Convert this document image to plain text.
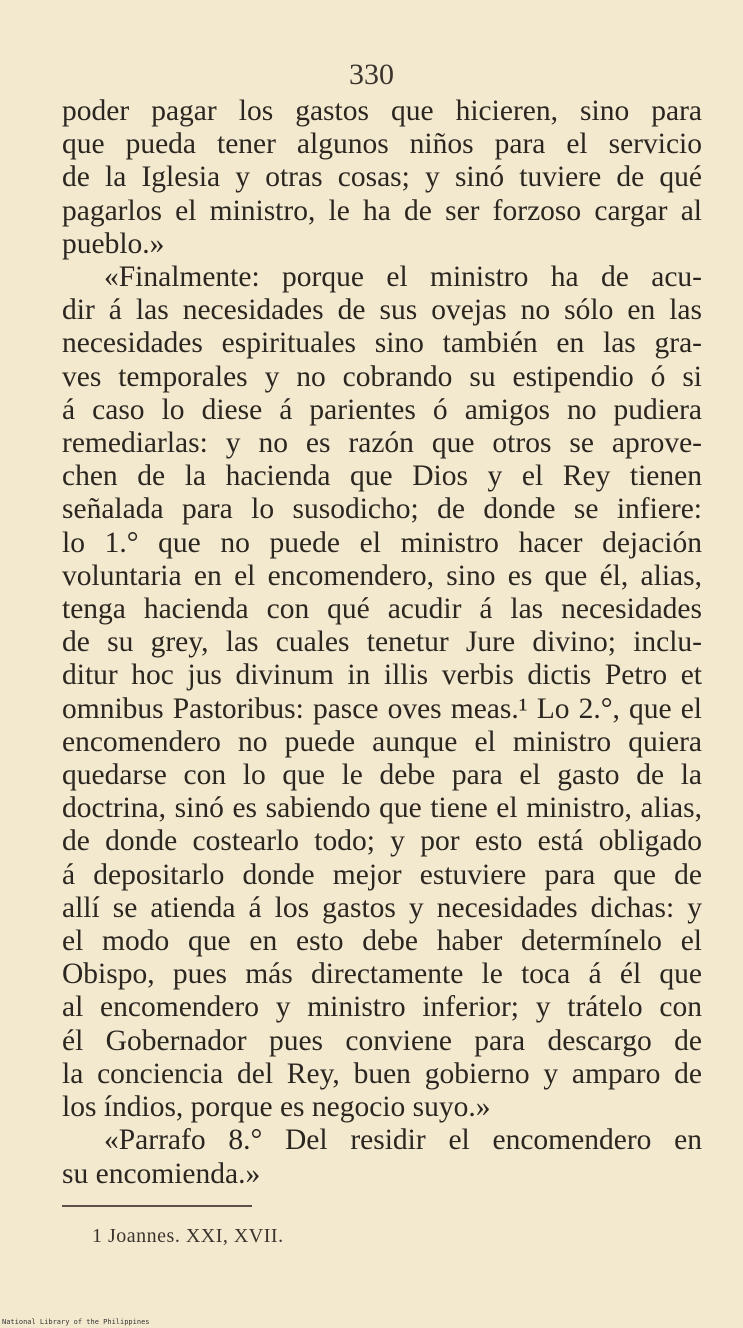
330
poder pagar los gastos que hicieren, sino para
que pueda tener algunos niños para el servicio
de la Iglesia y otras cosas; y sinó tuviere de qué
pagarlos el ministro, le ha de ser forzoso cargar al
pueblo.»
«Finalmente: porque el ministro ha de acu-
dir á las necesidades de sus ovejas no sólo en las
necesidades espirituales sino también en las gra-
ves temporales y no cobrando su estipendio ó si
á caso lo diese á parientes ó amigos no pudiera
remediarlas: y no es razón que otros se aprove-
chen de la hacienda que Dios y el Rey tienen
señalada para lo susodicho; de donde se infiere:
lo 1.° que no puede el ministro hacer dejación
voluntaria en el encomendero, sino es que él, alias,
tenga hacienda con qué acudir á las necesidades
de su grey, las cuales tenetur Jure divino; inclu-
ditur hoc jus divinum in illis verbis dictis Petro et
omnibus Pastoribus: pasce oves meas.¹ Lo 2.°, que el
encomendero no puede aunque el ministro quiera
quedarse con lo que le debe para el gasto de la
doctrina, sinó es sabiendo que tiene el ministro, alias,
de donde costearlo todo; y por esto está obligado
á depositarlo donde mejor estuviere para que de
allí se atienda á los gastos y necesidades dichas: y
el modo que en esto debe haber determínelo el
Obispo, pues más directamente le toca á él que
al encomendero y ministro inferior; y trátelo con
él Gobernador pues conviene para descargo de
la conciencia del Rey, buen gobierno y amparo de
los índios, porque es negocio suyo.»
«Parrafo 8.° Del residir el encomendero en
su encomienda.»
1 Joannes. XXI, XVII.
National Library of the Philippines
